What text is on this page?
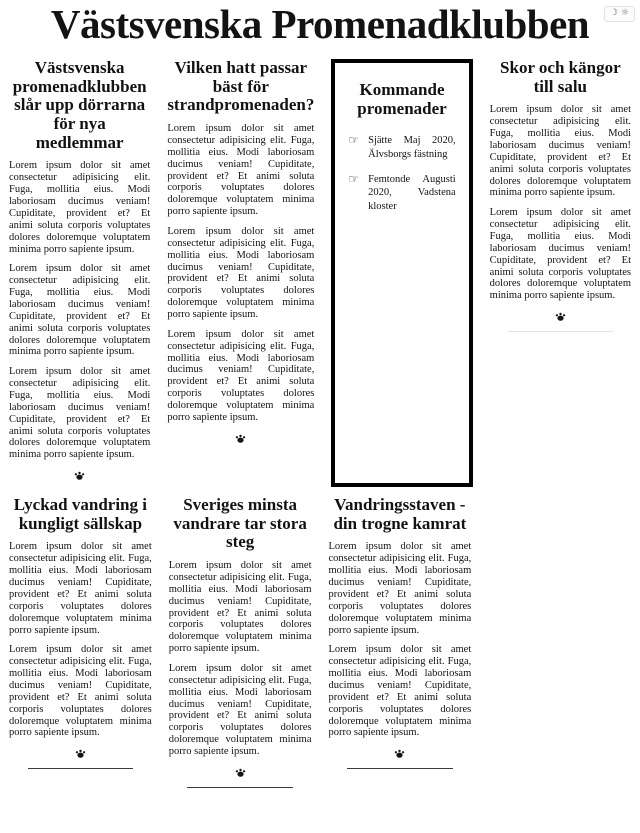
☽ ☼
Västsvenska Promenadklubben
Västsvenska promenadklubben slår upp dörrarna för nya medlemmar

Lorem ipsum dolor sit amet consectetur adipisicing elit. Fuga, mollitia eius. Modi laboriosam ducimus veniam! Cupiditate, provident et? Et animi soluta corporis voluptates dolores doloremque voluptatem minima porro sapiente ipsum.

Lorem ipsum dolor sit amet consectetur adipisicing elit. Fuga, mollitia eius. Modi laboriosam ducimus veniam! Cupiditate, provident et? Et animi soluta corporis voluptates dolores doloremque voluptatem minima porro sapiente ipsum.

Lorem ipsum dolor sit amet consectetur adipisicing elit. Fuga, mollitia eius. Modi laboriosam ducimus veniam! Cupiditate, provident et? Et animi soluta corporis voluptates dolores doloremque voluptatem minima porro sapiente ipsum.

Vilken hatt passar bäst för strandpromenaden?

Lorem ipsum dolor sit amet consectetur adipisicing elit. Fuga, mollitia eius. Modi laboriosam ducimus veniam! Cupiditate, provident et? Et animi soluta corporis voluptates dolores doloremque voluptatem minima porro sapiente ipsum.

Lorem ipsum dolor sit amet consectetur adipisicing elit. Fuga, mollitia eius. Modi laboriosam ducimus veniam! Cupiditate, provident et? Et animi soluta corporis voluptates dolores doloremque voluptatem minima porro sapiente ipsum.

Lorem ipsum dolor sit amet consectetur adipisicing elit. Fuga, mollitia eius. Modi laboriosam ducimus veniam! Cupiditate, provident et? Et animi soluta corporis voluptates dolores doloremque voluptatem minima porro sapiente ipsum.

Kommande promenader
☞ Sjätte Maj 2020, Älvsborgs fästning
☞ Femtonde Augusti 2020, Vadstena kloster
Skor och kängor till salu

Lorem ipsum dolor sit amet consectetur adipisicing elit. Fuga, mollitia eius. Modi laboriosam ducimus veniam! Cupiditate, provident et? Et animi soluta corporis voluptates dolores doloremque voluptatem minima porro sapiente ipsum.

Lorem ipsum dolor sit amet consectetur adipisicing elit. Fuga, mollitia eius. Modi laboriosam ducimus veniam! Cupiditate, provident et? Et animi soluta corporis voluptates dolores doloremque voluptatem minima porro sapiente ipsum.

Lyckad vandring i kungligt sällskap

Lorem ipsum dolor sit amet consectetur adipisicing elit. Fuga, mollitia eius. Modi laboriosam ducimus veniam! Cupiditate, provident et? Et animi soluta corporis voluptates dolores doloremque voluptatem minima porro sapiente ipsum.

Lorem ipsum dolor sit amet consectetur adipisicing elit. Fuga, mollitia eius. Modi laboriosam ducimus veniam! Cupiditate, provident et? Et animi soluta corporis voluptates dolores doloremque voluptatem minima porro sapiente ipsum.

Sveriges minsta vandrare tar stora steg

Lorem ipsum dolor sit amet consectetur adipisicing elit. Fuga, mollitia eius. Modi laboriosam ducimus veniam! Cupiditate, provident et? Et animi soluta corporis voluptates dolores doloremque voluptatem minima porro sapiente ipsum.

Lorem ipsum dolor sit amet consectetur adipisicing elit. Fuga, mollitia eius. Modi laboriosam ducimus veniam! Cupiditate, provident et? Et animi soluta corporis voluptates dolores doloremque voluptatem minima porro sapiente ipsum.

Vandringsstaven - din trogne kamrat

Lorem ipsum dolor sit amet consectetur adipisicing elit. Fuga, mollitia eius. Modi laboriosam ducimus veniam! Cupiditate, provident et? Et animi soluta corporis voluptates dolores doloremque voluptatem minima porro sapiente ipsum.

Lorem ipsum dolor sit amet consectetur adipisicing elit. Fuga, mollitia eius. Modi laboriosam ducimus veniam! Cupiditate, provident et? Et animi soluta corporis voluptates dolores doloremque voluptatem minima porro sapiente ipsum.
